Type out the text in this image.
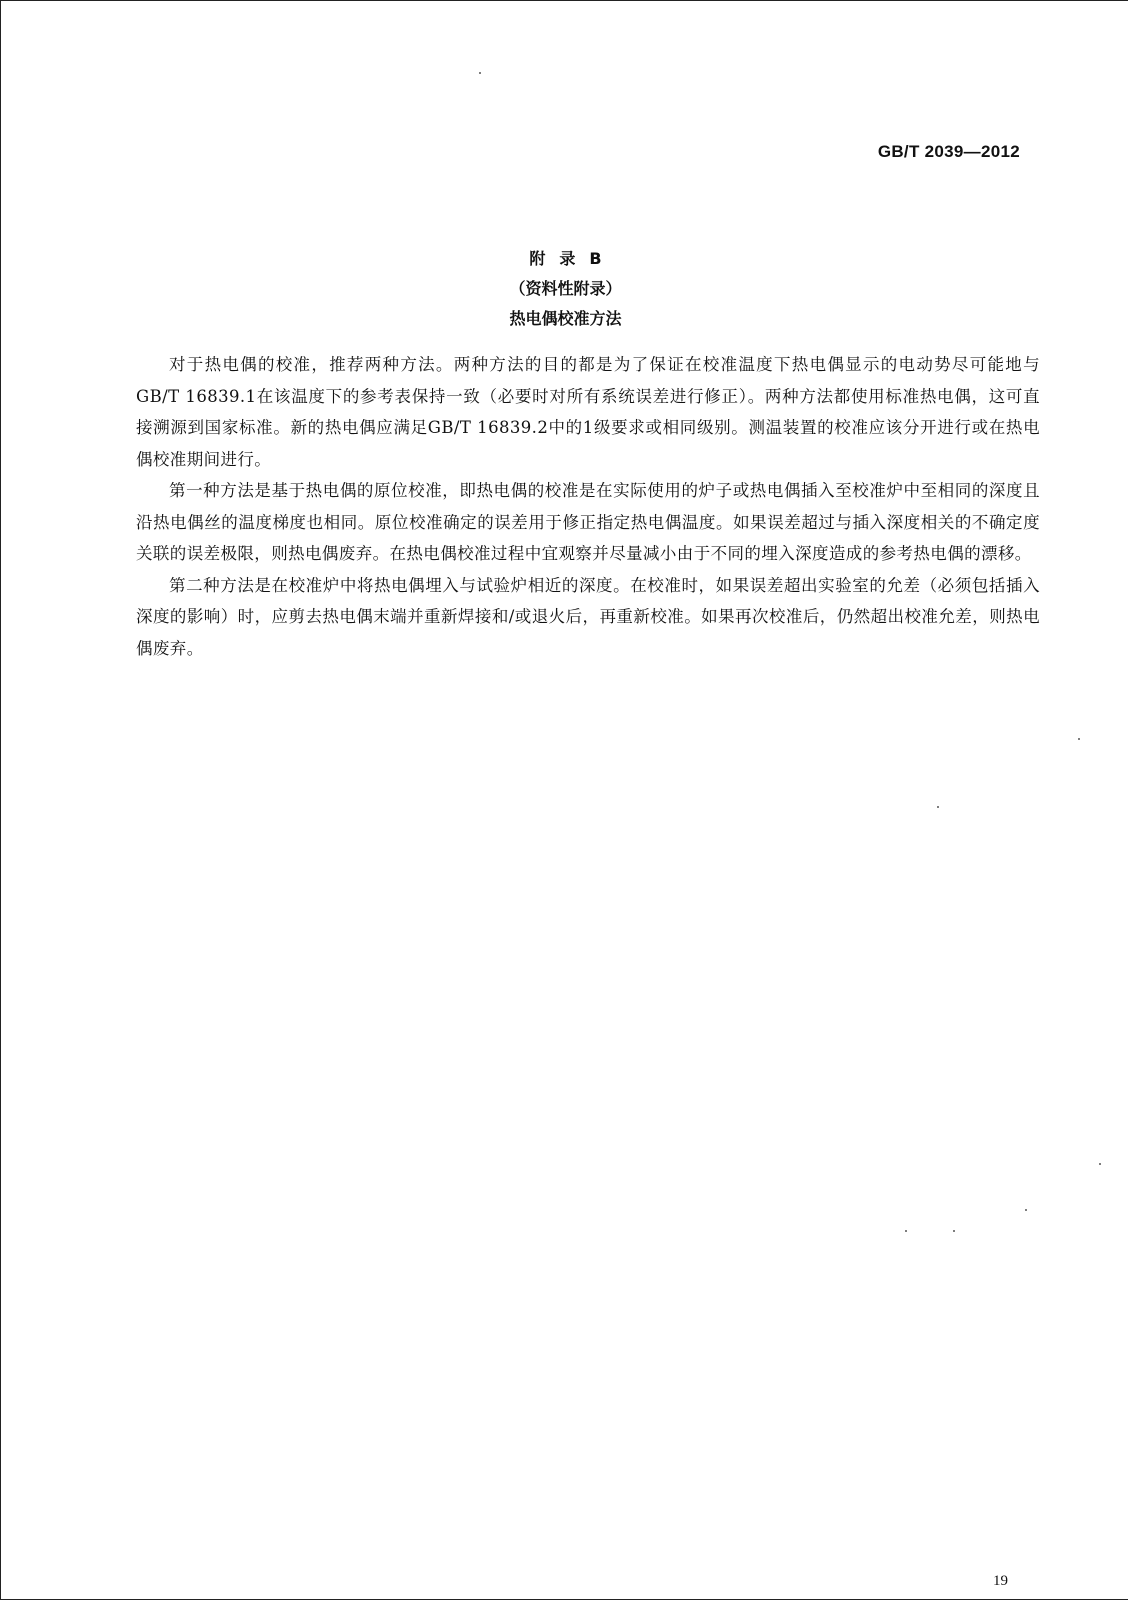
GB/T 2039—2012
附录B
（资料性附录）
热电偶校准方法

对于热电偶的校准，推荐两种方法。两种方法的目的都是为了保证在校准温度下热电偶显示的电动势尽可能地与GB/T 16839.1在该温度下的参考表保持一致（必要时对所有系统误差进行修正）。两种方法都使用标准热电偶，这可直接溯源到国家标准。新的热电偶应满足GB/T 16839.2中的1级要求或相同级别。测温装置的校准应该分开进行或在热电偶校准期间进行。

第一种方法是基于热电偶的原位校准，即热电偶的校准是在实际使用的炉子或热电偶插入至校准炉中至相同的深度且沿热电偶丝的温度梯度也相同。原位校准确定的误差用于修正指定热电偶温度。如果误差超过与插入深度相关的不确定度关联的误差极限，则热电偶废弃。在热电偶校准过程中宜观察并尽量减小由于不同的埋入深度造成的参考热电偶的漂移。

第二种方法是在校准炉中将热电偶埋入与试验炉相近的深度。在校准时，如果误差超出实验室的允差（必须包括插入深度的影响）时，应剪去热电偶末端并重新焊接和/或退火后，再重新校准。如果再次校准后，仍然超出校准允差，则热电偶废弃。

19
